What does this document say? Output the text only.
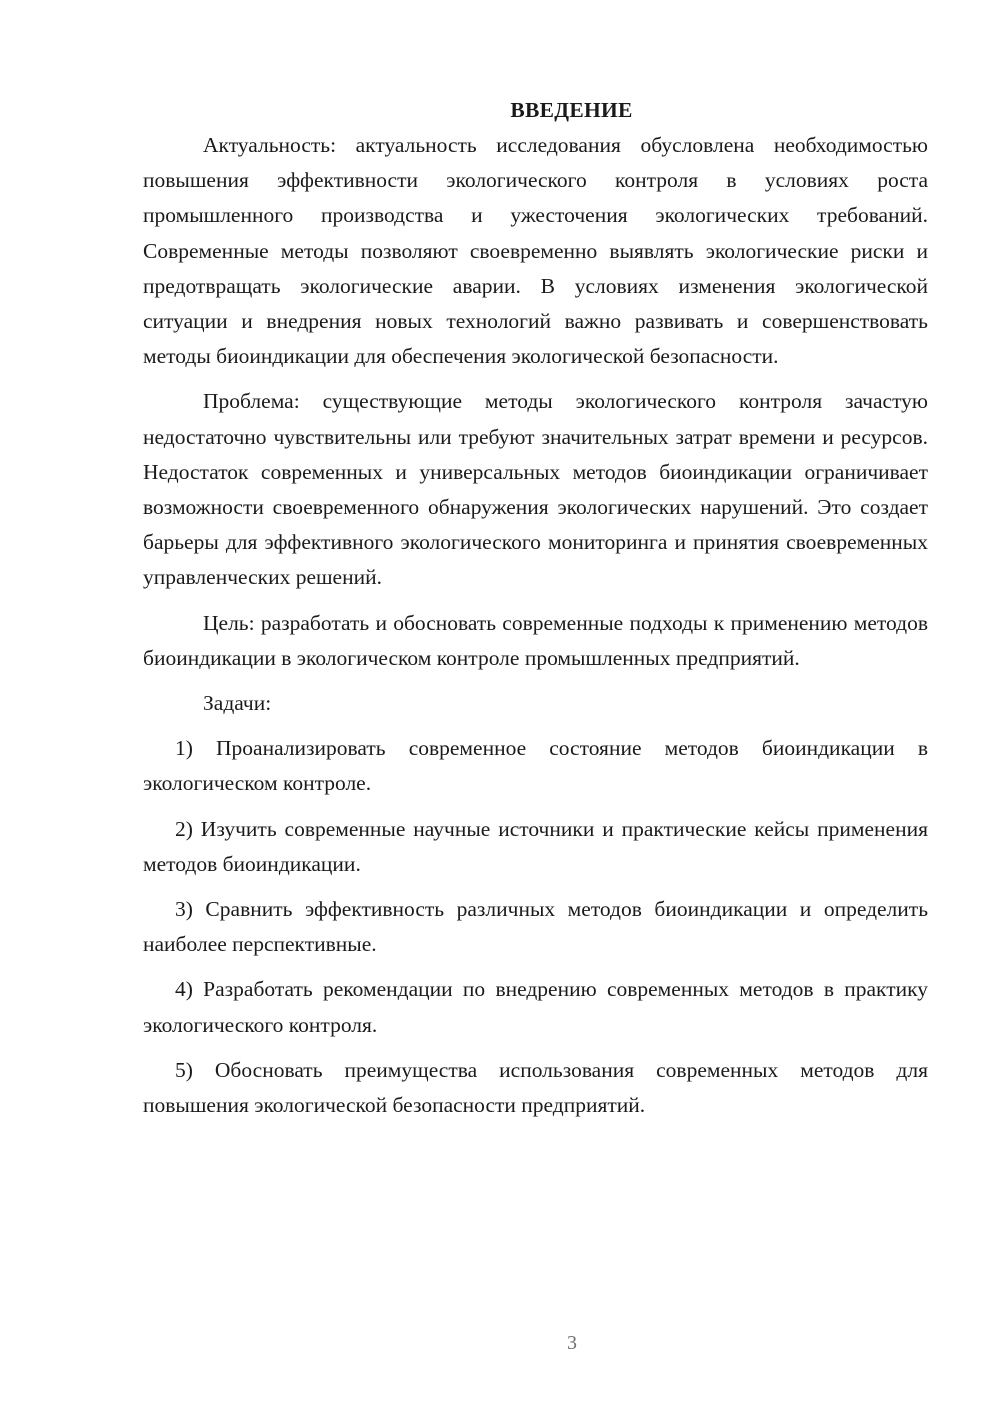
ВВЕДЕНИЕ

Актуальность: актуальность исследования обусловлена необходимостью повышения эффективности экологического контроля в условиях роста промышленного производства и ужесточения экологических требований. Современные методы позволяют своевременно выявлять экологические риски и предотвращать экологические аварии. В условиях изменения экологической ситуации и внедрения новых технологий важно развивать и совершенствовать методы биоиндикации для обеспечения экологической безопасности.

Проблема: существующие методы экологического контроля зачастую недостаточно чувствительны или требуют значительных затрат времени и ресурсов. Недостаток современных и универсальных методов биоиндикации ограничивает возможности своевременного обнаружения экологических нарушений. Это создает барьеры для эффективного экологического мониторинга и принятия своевременных управленческих решений.

Цель: разработать и обосновать современные подходы к применению методов биоиндикации в экологическом контроле промышленных предприятий.

Задачи:

1) Проанализировать современное состояние методов биоиндикации в экологическом контроле.

2) Изучить современные научные источники и практические кейсы применения методов биоиндикации.

3) Сравнить эффективность различных методов биоиндикации и определить наиболее перспективные.

4) Разработать рекомендации по внедрению современных методов в практику экологического контроля.

5) Обосновать преимущества использования современных методов для повышения экологической безопасности предприятий.

3
